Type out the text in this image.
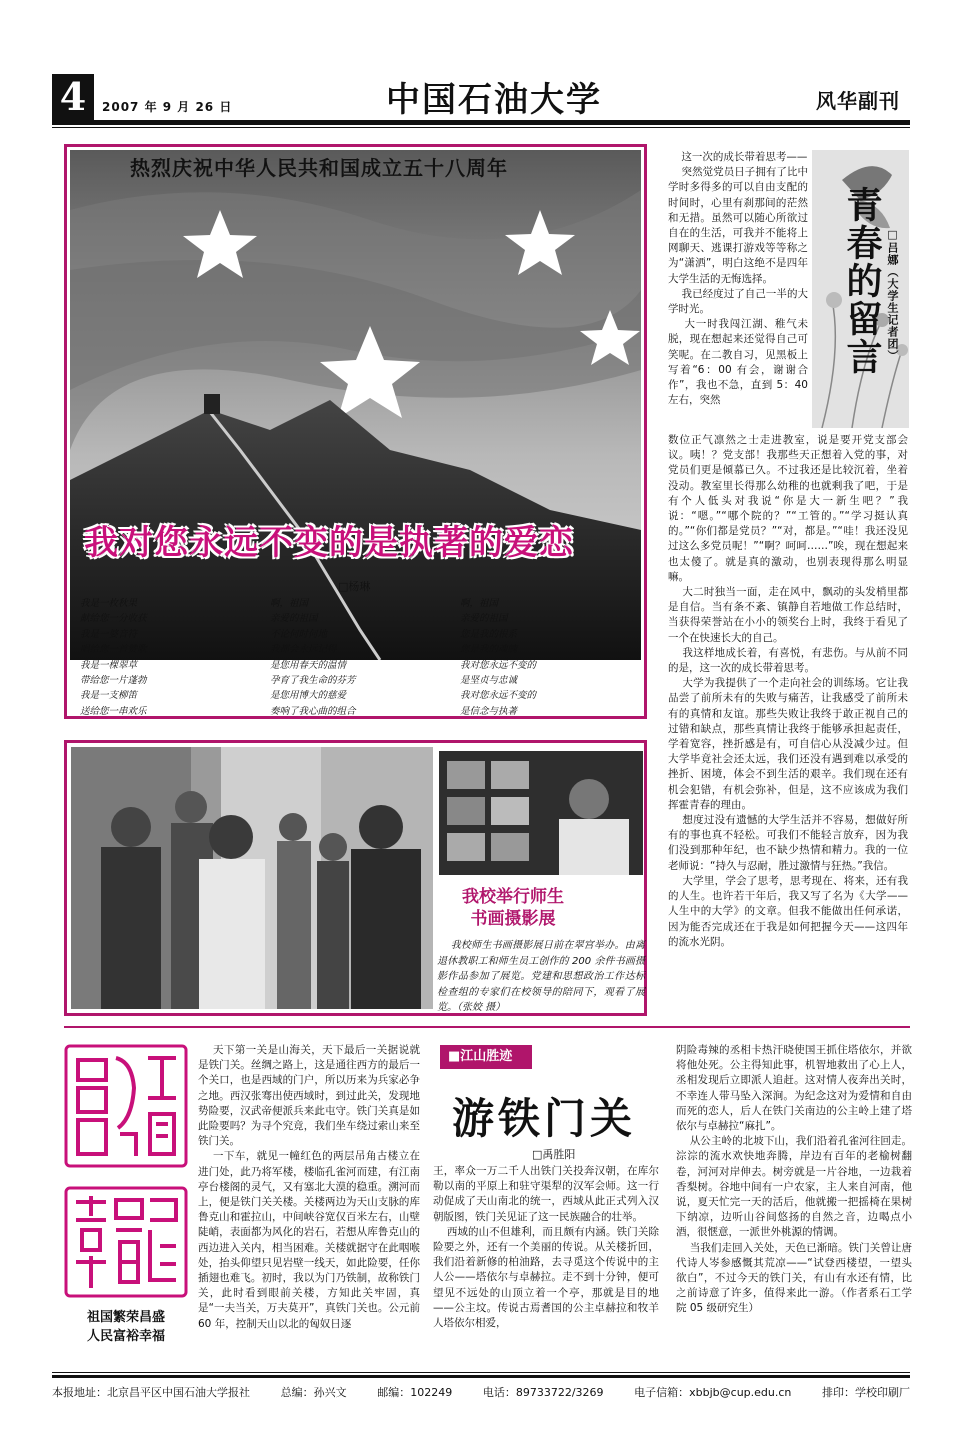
4	2007 年 9 月 26 日	中国石油大学	风华副刊
热烈庆祝中华人民共和国成立五十八周年
我对您永远不变的是执著的爱恋
□杨琳
我是一枚秋果
献给您一分收获
我是一婆音符
唱给您一首赞歌
我是一棵翠草
带给您一片蓬勃
我是一支柳笛
送给您一串欢乐
啊，祖国
亲爱的祖国
不论何时何地
我都会永远记得
是您用春天的温情
孕育了我生命的芬芳
是您用博大的慈爱
奏响了我心曲的组合
啊，祖国
亲爱的祖国
您是我的根系
您是我的魂魄
我对您永远不变的
是坚贞与忠诚
我对您永远不变的
是信念与执著
青春的留言 □吕娜（大学生记者团）
这一次的成长带着思考——
突然觉党员日子拥有了比中学时多得多的可以自由支配的时间时，心里有刹那间的茫然和无措。虽然可以随心所欲过自在的生活，可我并不能将上网聊天、逃课打游戏等等称之为“潇洒”，明白这绝不是四年大学生活的无悔选择。
我已经度过了自己一半的大学时光。
大一时我闯江湖、稚气未脱，现在想起来还觉得自己可笑呢。在二教自习，见黑板上写着“6：00 有会，谢谢合作”，我也不急，直到 5：40 左右，突然
数位正气凛然之士走进教室，说是要开党支部会议。咦！？党支部！我那些天正想着入党的事，对党员们更是倾慕已久。不过我还是比较沉着，坐着没动。教室里长得那么幼稚的也就剩我了吧，于是有个人低头对我说“你是大一新生吧？”我说：“嗯。”“哪个院的？”“工管的。”“学习挺认真的。”“你们都是党员？”“对，都是。”“哇！我还没见过这么多党员呢！”“啊？呵呵……”唉，现在想起来也太傻了。就是真的激动，也别表现得那么明显嘛。
大二时独当一面，走在风中，飘动的头发梢里都是自信。当有条不紊、镇静自若地做工作总结时，当获得荣誉站在小小的领奖台上时，我终于看见了一个在快速长大的自己。
我这样地成长着，有喜悦，有悲伤。与从前不同的是，这一次的成长带着思考。
大学为我提供了一个走向社会的训练场。它让我品尝了前所未有的失败与痛苦，让我感受了前所未有的真情和友谊。那些失败让我终于敢正视自己的过错和缺点，那些真情让我终于能够承担起责任，学着宽容，挫折感是有，可自信心从没减少过。但大学毕竟社会还太远，我们还没有遇到难以承受的挫折、困境，体会不到生活的艰辛。我们现在还有机会犯错，有机会弥补，但是，这不应该成为我们挥霍青春的理由。
想度过没有遗憾的大学生活并不容易，想做好所有的事也真不轻松。可我们不能轻言放弃，因为我们没到那种年纪，也不缺少热情和精力。我的一位老师说：“持久与忍耐，胜过激情与狂热。”我信。
大学里，学会了思考，思考现在、将来，还有我的人生。也许若干年后，我又写了名为《大学——人生中的大学》的文章。但我不能做出任何承诺，因为能否完成还在于我是如何把握今天——这四年的流水光阴。
我校举行师生
书画摄影展
我校师生书画摄影展日前在翠宫举办。由离退休教职工和师生员工创作的 200 余件书画摄影作品参加了展览。党建和思想政治工作达标检查组的专家们在校领导的陪同下，观看了展览。（张姣 摄）
祖国繁荣昌盛
人民富裕幸福
天下第一关是山海关，天下最后一关据说就是铁门关。丝绸之路上，这是通往西方的最后一个关口，也是西域的门户，所以历来为兵家必争之地。西汉张骞出使西域时，到过此关，发现地势险要，汉武帝便派兵来此屯守。铁门关真是如此险要吗？为寻个究竟，我们坐车绕过索山来至铁门关。
一下车，就见一幢红色的两层吊角古楼立在进门处，此乃将军楼，楼临孔雀河而建，有江南亭台楼阁的灵气，又有塞北大漠的稳重。溯河而上，便是铁门关关楼。关楼两边为天山支脉的库鲁克山和霍拉山，中间峡谷宽仅百米左右，山壁陡峭，表面都为风化的岩石，若想从库鲁克山的西边进入关内，相当困难。关楼就据守在此咽喉处，抬头仰望只见岩壁一线天，如此险要，任你插翅也难飞。初时，我以为门乃铁制，故称铁门关，此时看到眼前关楼，方知此关牢固，真是“一夫当关，万夫莫开”，真铁门关也。公元前 60 年，控制天山以北的匈奴日逐
■江山胜迹
游铁门关
□禹胜阳
王，率众一万二千人出铁门关投奔汉朝，在库尔勒以南的平原上和驻守渠犁的汉军会师。这一行动促成了天山南北的统一，西域从此正式列入汉朝版图，铁门关见证了这一民族融合的壮举。
西域的山不但雄利，而且颇有内涵。铁门关除险要之外，还有一个美丽的传说。从关楼折回，我们沿着新修的柏油路，去寻觅这个传说中的主人公——塔依尔与卓赫拉。走不到十分钟，便可望见不远处的山顶立着一个亭，那就是目的地——公主坟。传说古焉耆国的公主卓赫拉和牧羊人塔依尔相爱，
阴险毒辣的丞相卡热汗晓使国王抓住塔依尔，并欲将他处死。公主得知此事，机智地救出了心上人，丞相发现后立即派人追赶。这对情人夜奔出关时，不幸连人带马坠入深涧。为纪念这对为爱情和自由而死的恋人，后人在铁门关南边的公主岭上建了塔依尔与卓赫拉“麻扎”。
从公主岭的北坡下山，我们沿着孔雀河往回走。淙淙的流水欢快地奔腾，岸边有百年的老榆树翻卷，河河对岸伸去。树旁就是一片谷地，一边栽着香梨树。谷地中间有一户农家，主人来自河南，他说，夏天忙完一天的活后，他就搬一把摇椅在果树下纳凉，边听山谷间悠扬的自然之音，边喝点小酒，很惬意，一派世外桃源的情调。
当我们走回入关处，天色已渐暗。铁门关曾让唐代诗人岑参感慨其荒凉——“试登西楼望，一望头欲白”，不过今天的铁门关，有山有水还有情，比之前诗意了许多，值得来此一游。（作者系石工学院 05 级研究生）
本报地址：北京昌平区中国石油大学报社	总编：孙兴文	邮编：102249	电话：89733722/3269	电子信箱：xbbjb@cup.edu.cn	排印：学校印刷厂
